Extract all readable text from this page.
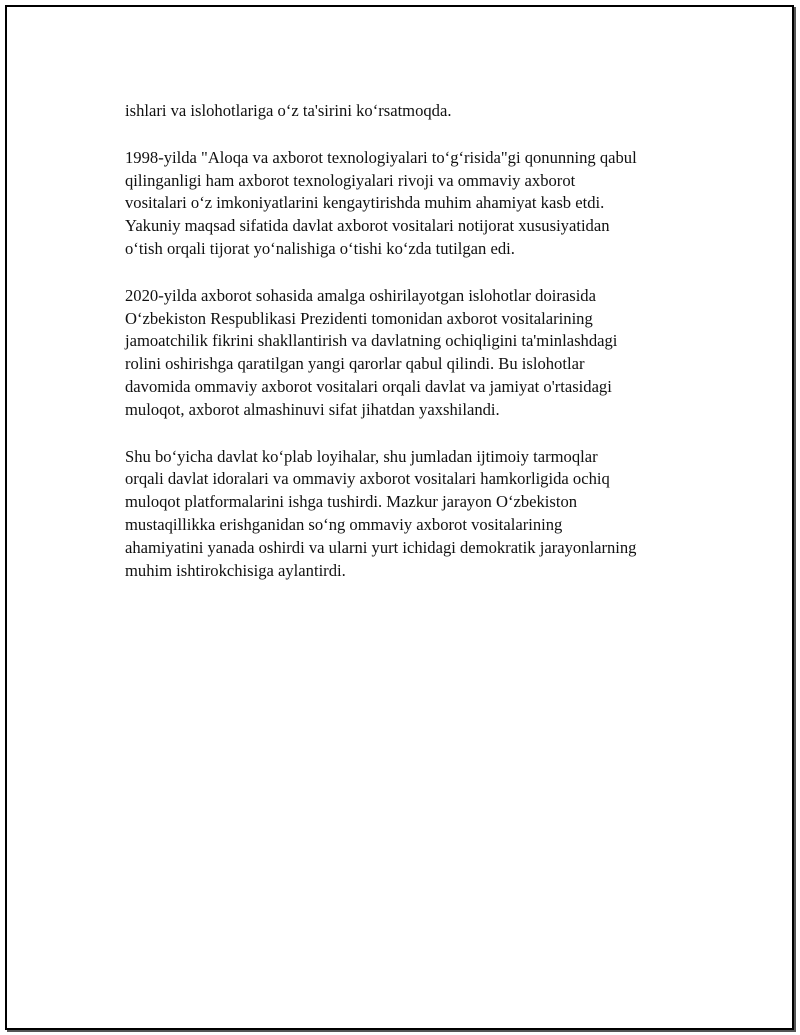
ishlari va islohotlariga o‘z ta'sirini ko‘rsatmoqda.
1998-yilda "Aloqa va axborot texnologiyalari to‘g‘risida"gi qonunning qabul
qilinganligi ham axborot texnologiyalari rivoji va ommaviy axborot
vositalari o‘z imkoniyatlarini kengaytirishda muhim ahamiyat kasb etdi.
Yakuniy maqsad sifatida davlat axborot vositalari notijorat xususiyatidan
o‘tish orqali tijorat yo‘nalishiga o‘tishi ko‘zda tutilgan edi.
2020-yilda axborot sohasida amalga oshirilayotgan islohotlar doirasida
O‘zbekiston Respublikasi Prezidenti tomonidan axborot vositalarining
jamoatchilik fikrini shakllantirish va davlatning ochiqligini ta'minlashdagi
rolini oshirishga qaratilgan yangi qarorlar qabul qilindi. Bu islohotlar
davomida ommaviy axborot vositalari orqali davlat va jamiyat o'rtasidagi
muloqot, axborot almashinuvi sifat jihatdan yaxshilandi.
Shu bo‘yicha davlat ko‘plab loyihalar, shu jumladan ijtimoiy tarmoqlar
orqali davlat idoralari va ommaviy axborot vositalari hamkorligida ochiq
muloqot platformalarini ishga tushirdi. Mazkur jarayon O‘zbekiston
mustaqillikka erishganidan so‘ng ommaviy axborot vositalarining
ahamiyatini yanada oshirdi va ularni yurt ichidagi demokratik jarayonlarning
muhim ishtirokchisiga aylantirdi.
